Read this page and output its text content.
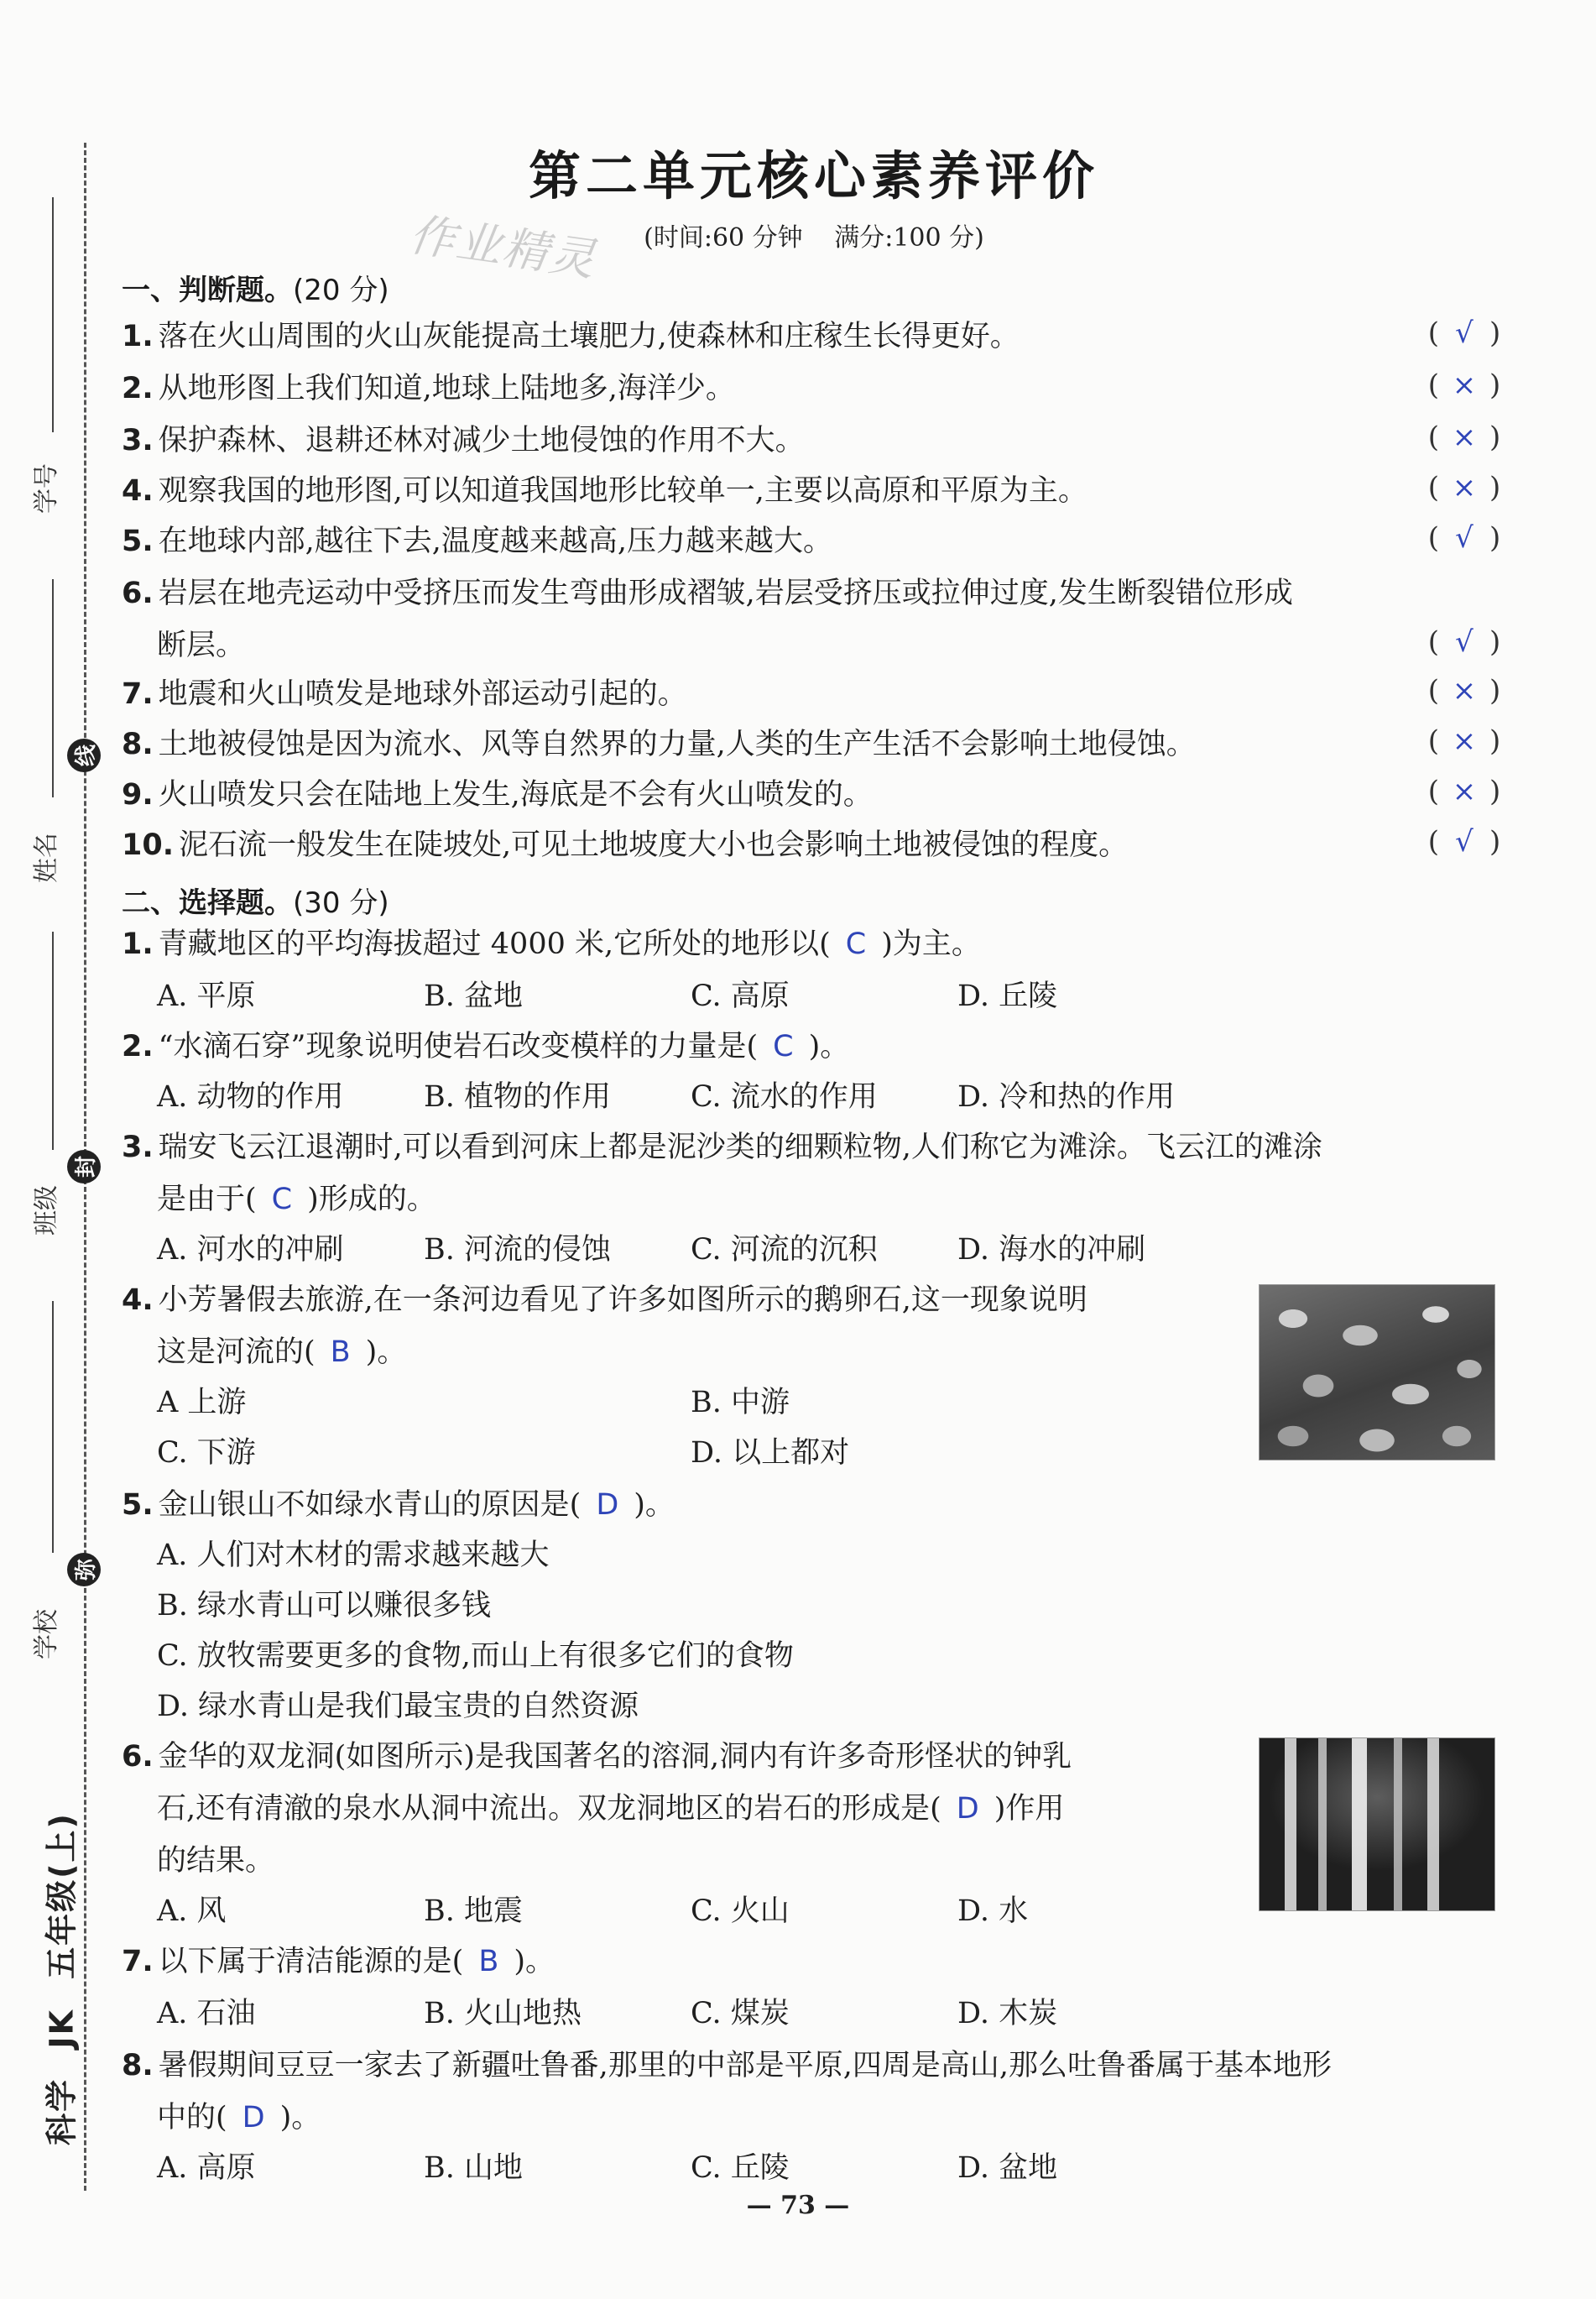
学号
姓名
班级
学校
线
封
弥
科学 JK 五年级(上)
第二单元核心素养评价
作业精灵	(时间:60 分钟 满分:100 分)
一、判断题。(20 分)
1. 落在火山周围的火山灰能提高土壤肥力,使森林和庄稼生长得更好。	( √ )
2. 从地形图上我们知道,地球上陆地多,海洋少。	( × )
3. 保护森林、退耕还林对减少土地侵蚀的作用不大。	( × )
4. 观察我国的地形图,可以知道我国地形比较单一,主要以高原和平原为主。	( × )
5. 在地球内部,越往下去,温度越来越高,压力越来越大。	( √ )
6. 岩层在地壳运动中受挤压而发生弯曲形成褶皱,岩层受挤压或拉伸过度,发生断裂错位形成
断层。	( √ )
7. 地震和火山喷发是地球外部运动引起的。	( × )
8. 土地被侵蚀是因为流水、风等自然界的力量,人类的生产生活不会影响土地侵蚀。	( × )
9. 火山喷发只会在陆地上发生,海底是不会有火山喷发的。	( × )
10. 泥石流一般发生在陡坡处,可见土地坡度大小也会影响土地被侵蚀的程度。	( √ )
二、选择题。(30 分)
1. 青藏地区的平均海拔超过 4000 米,它所处的地形以( C )为主。
A. 平原	B. 盆地	C. 高原	D. 丘陵
2. “水滴石穿”现象说明使岩石改变模样的力量是( C )。
A. 动物的作用	B. 植物的作用	C. 流水的作用	D. 冷和热的作用
3. 瑞安飞云江退潮时,可以看到河床上都是泥沙类的细颗粒物,人们称它为滩涂。飞云江的滩涂
是由于( C )形成的。
A. 河水的冲刷	B. 河流的侵蚀	C. 河流的沉积	D. 海水的冲刷
4. 小芳暑假去旅游,在一条河边看见了许多如图所示的鹅卵石,这一现象说明
这是河流的( B )。
A 上游	B. 中游
C. 下游	D. 以上都对
5. 金山银山不如绿水青山的原因是( D )。
A. 人们对木材的需求越来越大
B. 绿水青山可以赚很多钱
C. 放牧需要更多的食物,而山上有很多它们的食物
D. 绿水青山是我们最宝贵的自然资源
6. 金华的双龙洞(如图所示)是我国著名的溶洞,洞内有许多奇形怪状的钟乳
石,还有清澈的泉水从洞中流出。双龙洞地区的岩石的形成是( D )作用
的结果。
A. 风	B. 地震	C. 火山	D. 水
7. 以下属于清洁能源的是( B )。
A. 石油	B. 火山地热	C. 煤炭	D. 木炭
8. 暑假期间豆豆一家去了新疆吐鲁番,那里的中部是平原,四周是高山,那么吐鲁番属于基本地形
中的( D )。
A. 高原	B. 山地	C. 丘陵	D. 盆地
— 73 —
